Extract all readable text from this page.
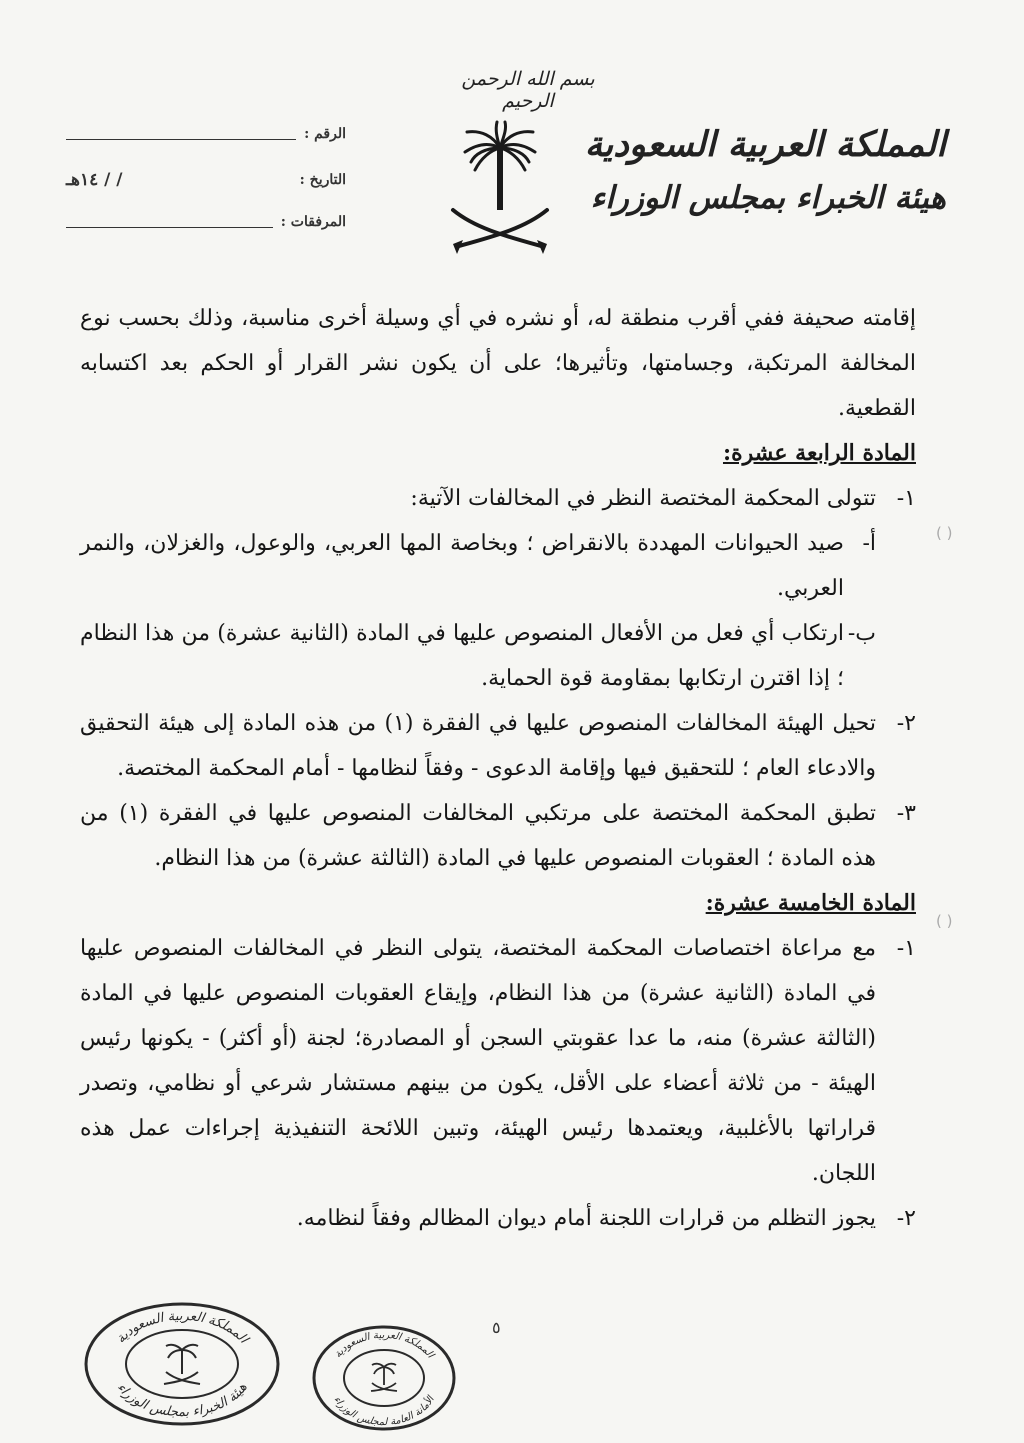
بسم الله الرحمن الرحيم
المملكة العربية السعودية
هيئة الخبراء بمجلس الوزراء
الرقم :
التاريخ :
/ / ١٤هـ
المرفقات :

إقامته صحيفة ففي أقرب منطقة له، أو نشره في أي وسيلة أخرى مناسبة، وذلك بحسب نوع المخالفة المرتكبة، وجسامتها، وتأثيرها؛ على أن يكون نشر القرار أو الحكم بعد اكتسابه القطعية.

المادة الرابعة عشرة:

١-
تتولى المحكمة المختصة النظر في المخالفات الآتية:
أ-
صيد الحيوانات المهددة بالانقراض ؛ وبخاصة المها العربي، والوعول، والغزلان، والنمر العربي.
ب-
ارتكاب أي فعل من الأفعال المنصوص عليها في المادة (الثانية عشرة) من هذا النظام ؛ إذا اقترن ارتكابها بمقاومة قوة الحماية.
٢-
تحيل الهيئة المخالفات المنصوص عليها في الفقرة (١) من هذه المادة إلى هيئة التحقيق والادعاء العام ؛ للتحقيق فيها وإقامة الدعوى - وفقاً لنظامها - أمام المحكمة المختصة.
٣-
تطبق المحكمة المختصة على مرتكبي المخالفات المنصوص عليها في الفقرة (١) من هذه المادة ؛ العقوبات المنصوص عليها في المادة (الثالثة عشرة) من هذا النظام.

المادة الخامسة عشرة:

١-
مع مراعاة اختصاصات المحكمة المختصة، يتولى النظر في المخالفات المنصوص عليها في المادة (الثانية عشرة) من هذا النظام، وإيقاع العقوبات المنصوص عليها في المادة (الثالثة عشرة) منه، ما عدا عقوبتي السجن أو المصادرة؛ لجنة (أو أكثر) - يكونها رئيس الهيئة - من ثلاثة أعضاء على الأقل، يكون من بينهم مستشار شرعي أو نظامي، وتصدر قراراتها بالأغلبية، ويعتمدها رئيس الهيئة، وتبين اللائحة التنفيذية إجراءات عمل هذه اللجان.
٢-
يجوز التظلم من قرارات اللجنة أمام ديوان المظالم وفقاً لنظامه.
( )
( )
٥
المملكة العربية السعودية
هيئة الخبراء بمجلس الوزراء
المملكة العربية السعودية
الأمانة العامة لمجلس الوزراء
